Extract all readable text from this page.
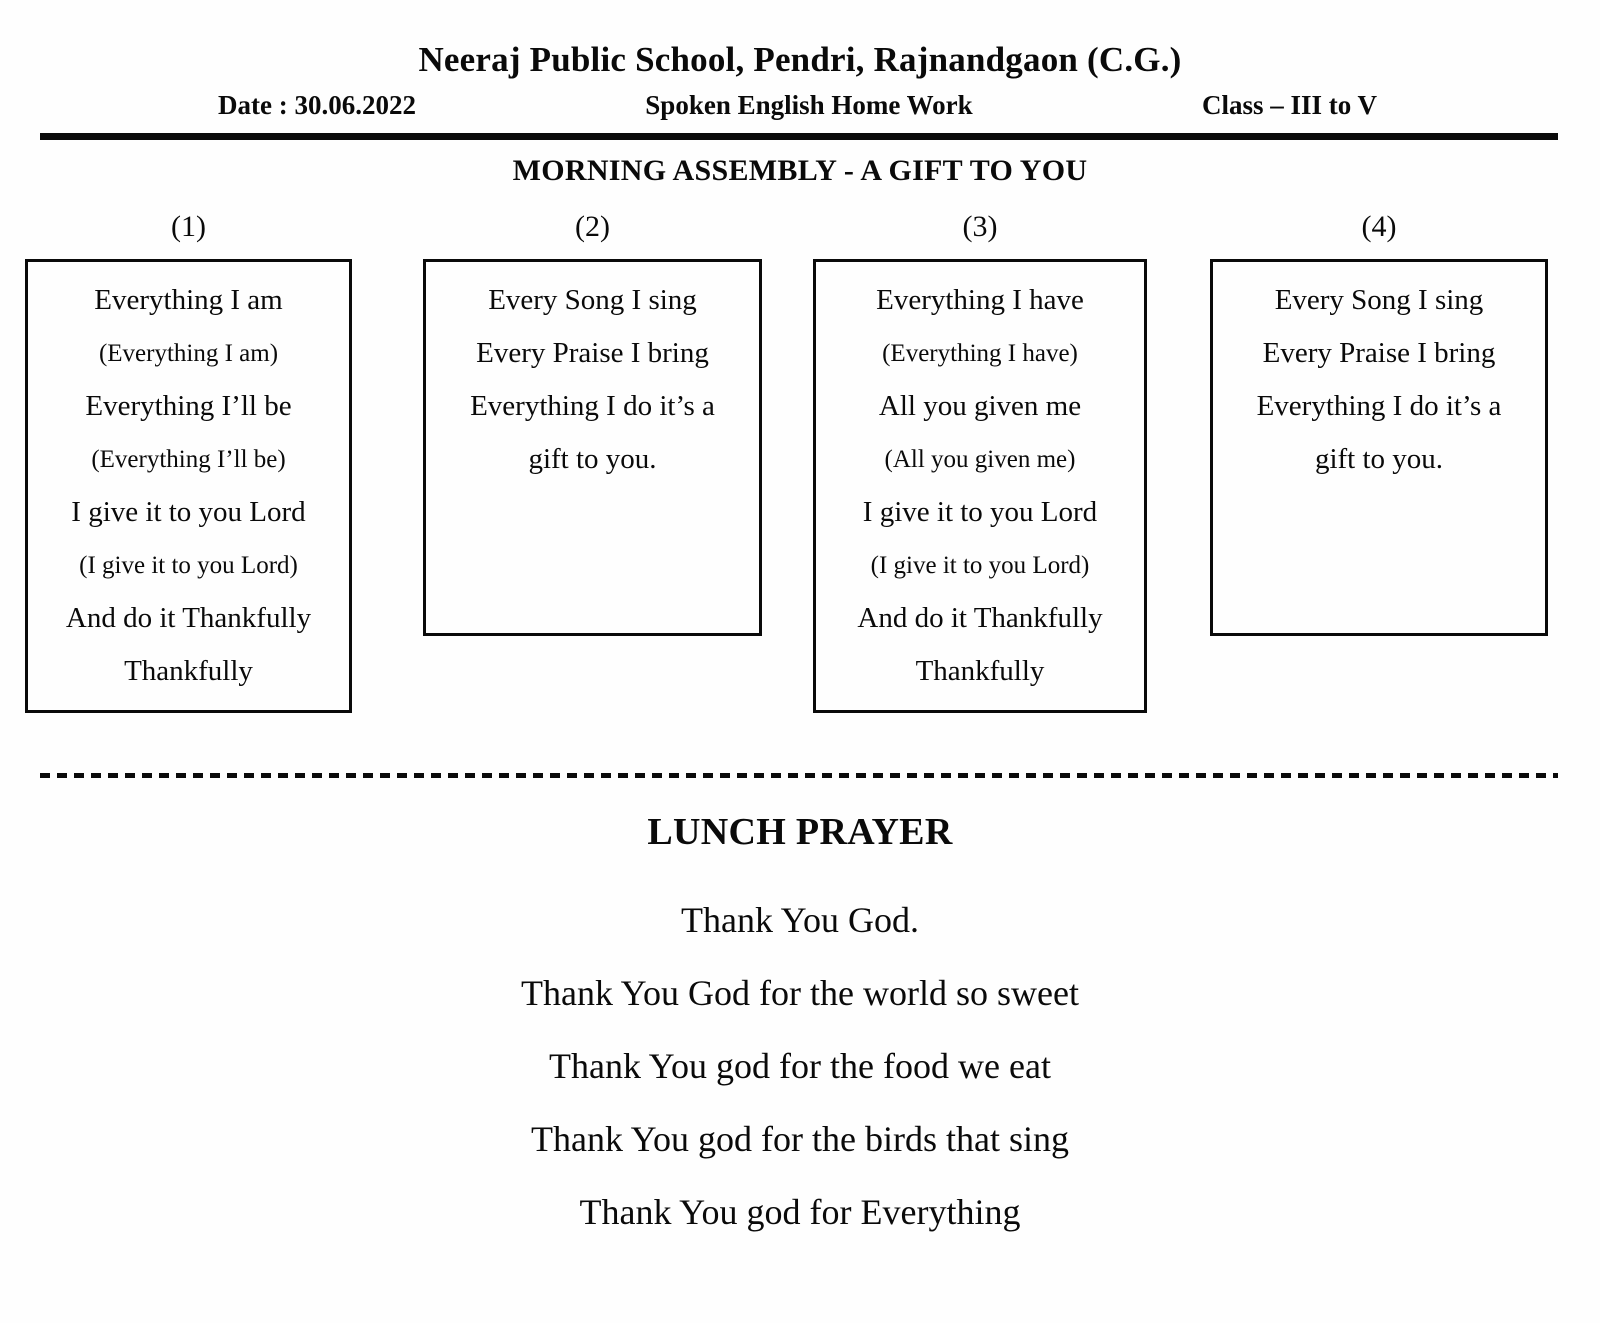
Neeraj Public School, Pendri, Rajnandgaon (C.G.)
Date : 30.06.2022	Spoken English Home Work	Class – III to V
MORNING ASSEMBLY - A GIFT TO YOU
(1)

Everything I am

(Everything I am)

Everything I’ll be

(Everything I’ll be)

I give it to you Lord

(I give it to you Lord)

And do it Thankfully

Thankfully

(2)

Every Song I sing

Every Praise I bring

Everything I do it’s a

gift to you.

(3)

Everything I have

(Everything I have)

All you given me

(All you given me)

I give it to you Lord

(I give it to you Lord)

And do it Thankfully

Thankfully

(4)

Every Song I sing

Every Praise I bring

Everything I do it’s a

gift to you.

LUNCH PRAYER

Thank You God.

Thank You God for the world so sweet

Thank You god for the food we eat

Thank You god for the birds that sing

Thank You god for Everything
